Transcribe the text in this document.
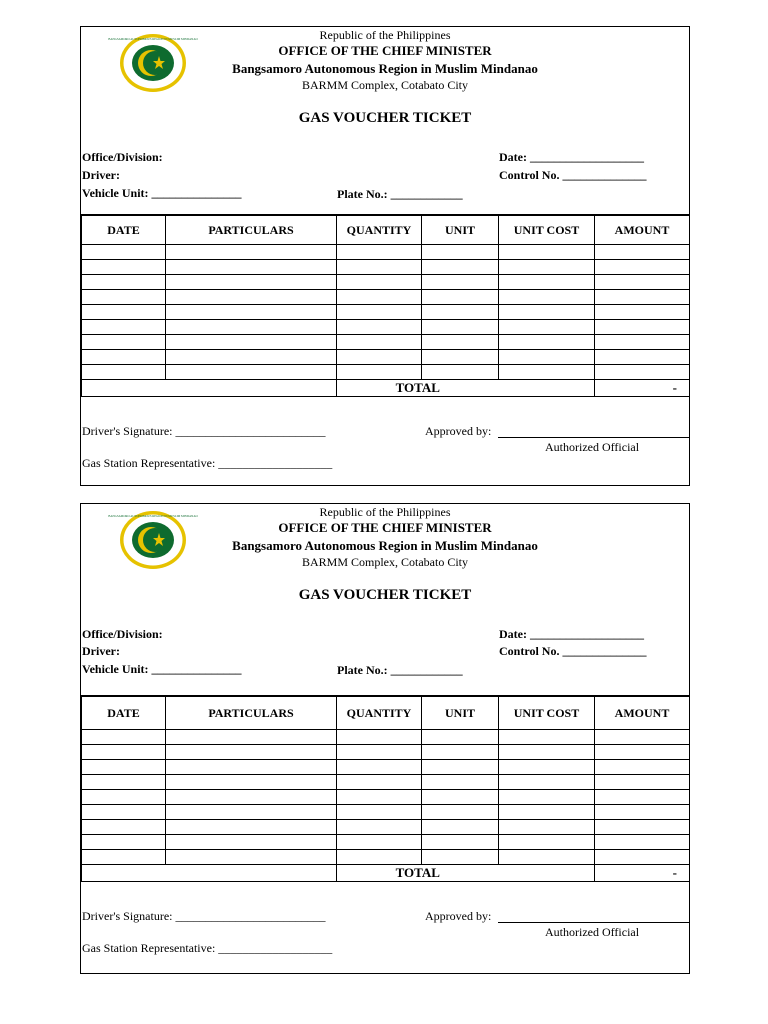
BANGSAMORO AUTONOMOUS REGION IN MUSLIM MINDANAO	Republic of the Philippines
OFFICE OF THE CHIEF MINISTER
Bangsamoro Autonomous Region in Muslim Mindanao
BARMM Complex, Cotabato City
GAS VOUCHER TICKET
Office/Division:
Driver:
Vehicle Unit: _______________	Plate No.: ____________
Date: ___________________
Control No. ______________
DATE	PARTICULARS	QUANTITY	UNIT	UNIT COST	AMOUNT

		TOTAL			-
Driver's Signature: _________________________	Approved by:
Authorized Official
Gas Station Representative: ___________________
BANGSAMORO AUTONOMOUS REGION IN MUSLIM MINDANAO	Republic of the Philippines
OFFICE OF THE CHIEF MINISTER
Bangsamoro Autonomous Region in Muslim Mindanao
BARMM Complex, Cotabato City
GAS VOUCHER TICKET
Office/Division:
Driver:
Vehicle Unit: _______________	Plate No.: ____________
Date: ___________________
Control No. ______________
DATE	PARTICULARS	QUANTITY	UNIT	UNIT COST	AMOUNT

		TOTAL			-
Driver's Signature: _________________________	Approved by:
Authorized Official
Gas Station Representative: ___________________
